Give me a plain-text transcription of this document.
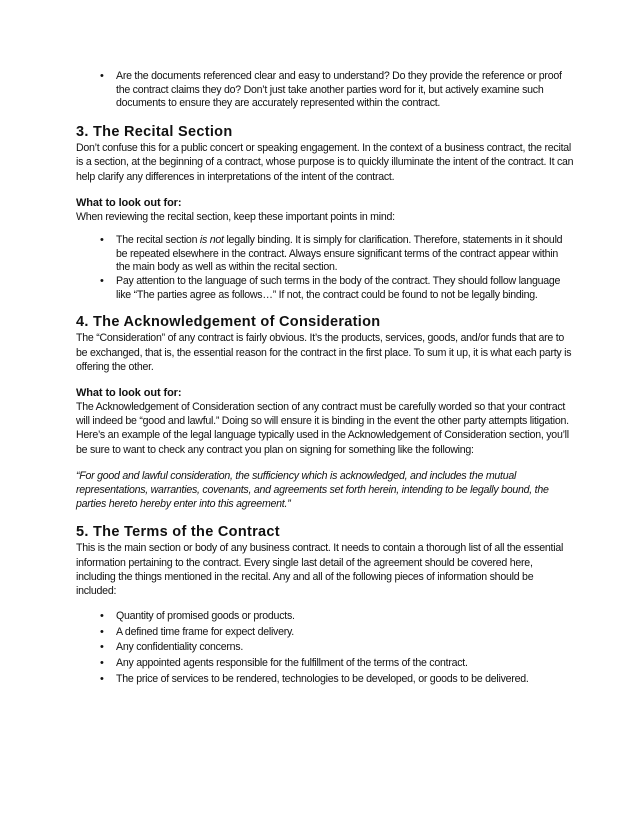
• Are the documents referenced clear and easy to understand? Do they provide the reference or proof the contract claims they do? Don’t just take another parties word for it, but actively examine such documents to ensure they are accurately represented within the contract.
3. The Recital Section

Don’t confuse this for a public concert or speaking engagement. In the context of a business contract, the recital is a section, at the beginning of a contract, whose purpose is to quickly illuminate the intent of the contract. It can help clarify any differences in interpretations of the intent of the contract.

What to look out for:

When reviewing the recital section, keep these important points in mind:

• The recital section is not legally binding. It is simply for clarification. Therefore, statements in it should be repeated elsewhere in the contract. Always ensure significant terms of the contract appear within the main body as well as within the recital section.
• Pay attention to the language of such terms in the body of the contract. They should follow language like “The parties agree as follows…” If not, the contract could be found to not be legally binding.
4. The Acknowledgement of Consideration

The “Consideration” of any contract is fairly obvious. It’s the products, services, goods, and/or funds that are to be exchanged, that is, the essential reason for the contract in the first place. To sum it up, it is what each party is offering the other.

What to look out for:

The Acknowledgement of Consideration section of any contract must be carefully worded so that your contract will indeed be “good and lawful.” Doing so will ensure it is binding in the event the other party attempts litigation. Here’s an example of the legal language typically used in the Acknowledgement of Consideration section, you’ll be sure to want to check any contract you plan on signing for something like the following:

“For good and lawful consideration, the sufficiency which is acknowledged, and includes the mutual representations, warranties, covenants, and agreements set forth herein, intending to be legally bound, the parties hereto hereby enter into this agreement.”

5. The Terms of the Contract

This is the main section or body of any business contract. It needs to contain a thorough list of all the essential information pertaining to the contract. Every single last detail of the agreement should be covered here, including the things mentioned in the recital. Any and all of the following pieces of information should be included:

• Quantity of promised goods or products.
• A defined time frame for expect delivery.
• Any confidentiality concerns.
• Any appointed agents responsible for the fulfillment of the terms of the contract.
• The price of services to be rendered, technologies to be developed, or goods to be delivered.
